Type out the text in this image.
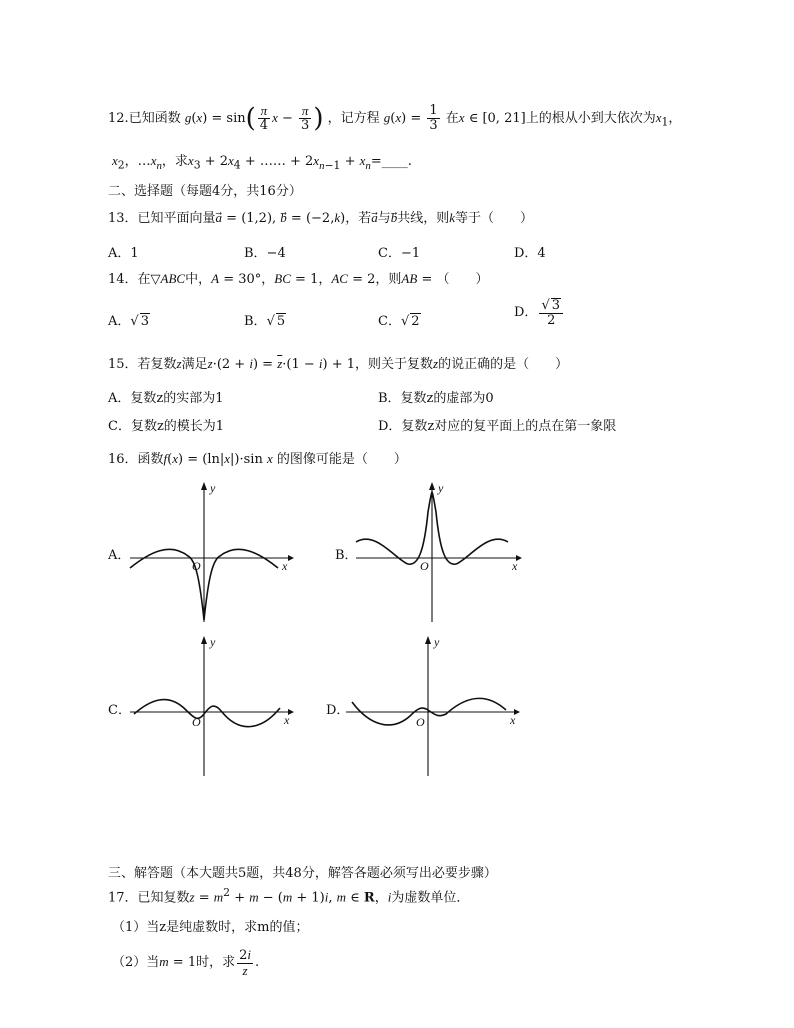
12.已知函数 $g(x) = \sin( \frac{\pi}{4}$ $x - \frac{\pi}{3}$ ) ，记方程 $g(x) = \frac{1}{3}$ 在x ∈ [0, 21]上的根从小到大依次为$x_1$，
$x_2$，$\dots x_n$，求$x_3 + 2x_4$ + …… + $2x_{n-1}$ + $x_n=\_\_\_\_$.
二、选择题（每题4分，共16分）
13．已知平面向量a⃗ = (1,2), b⃗ = (−2,k)，若a与b共线，则k等于（　　）
A．1	B．−4	C．−1	D．4
14．在▽ABC中，A = 30°，BC = 1，AC = 2，则AB = （　　）
A．√ 3	B．√ 5	C．√ 2
D． $\frac{√ 3}{2}$
15．若复数z满足$z\cdot(2 + i) = \overline{z}\cdot(1 - i) + 1$，则关于复数z的说正确的是（　　）
A．复数z的实部为1	B．复数z的虚部为0
C．复数z的模长为1	D．复数z对应的复平面上的点在第一象限
16．函数f(x) = (ln|x|)·sin x 的图像可能是（　　）
A．
y
x
O
B．
y
x
O
C．
y
x
O
D．
y
x
O
三、解答题（本大题共5题，共48分，解答各题必须写出必要步骤）
17．已知复数$z = m^2 + m - (m + 1)i$, m ∈ R，i为虚数单位．
（1）当z是纯虚数时，求m的值；
（2）当m = 1时，求 $\frac{2i}{z}$ .
